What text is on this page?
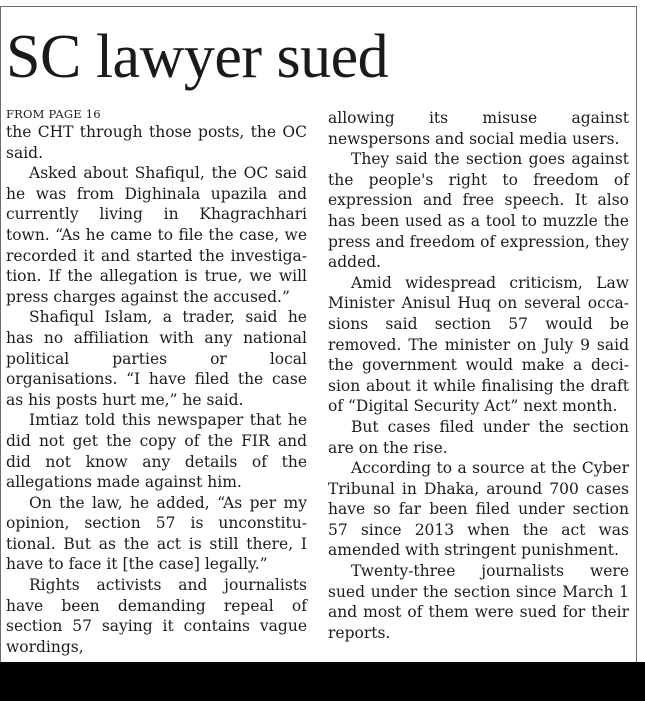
SC lawyer sued
FROM PAGE 16

the CHT through those posts, the OC said.

Asked about Shafiqul, the OC said he was from Dighinala upazila and currently living in Khagrachhari town. “As he came to file the case, we recorded it and started the investigation. If the allegation is true, we will press charges against the accused.”

Shafiqul Islam, a trader, said he has no affiliation with any national political parties or local organisations. “I have filed the case as his posts hurt me,” he said.

Imtiaz told this newspaper that he did not get the copy of the FIR and did not know any details of the allegations made against him.

On the law, he added, “As per my opinion, section 57 is unconstitutional. But as the act is still there, I have to face it [the case] legally.”

Rights activists and journalists have been demanding repeal of section 57 saying it contains vague wordings,

allowing its misuse against newspersons and social media users.

They said the section goes against the people's right to freedom of expression and free speech. It also has been used as a tool to muzzle the press and freedom of expression, they added.

Amid widespread criticism, Law Minister Anisul Huq on several occasions said section 57 would be removed. The minister on July 9 said the government would make a decision about it while finalising the draft of “Digital Security Act” next month.

But cases filed under the section are on the rise.

According to a source at the Cyber Tribunal in Dhaka, around 700 cases have so far been filed under section 57 since 2013 when the act was amended with stringent punishment.

Twenty-three journalists were sued under the section since March 1 and most of them were sued for their reports.
